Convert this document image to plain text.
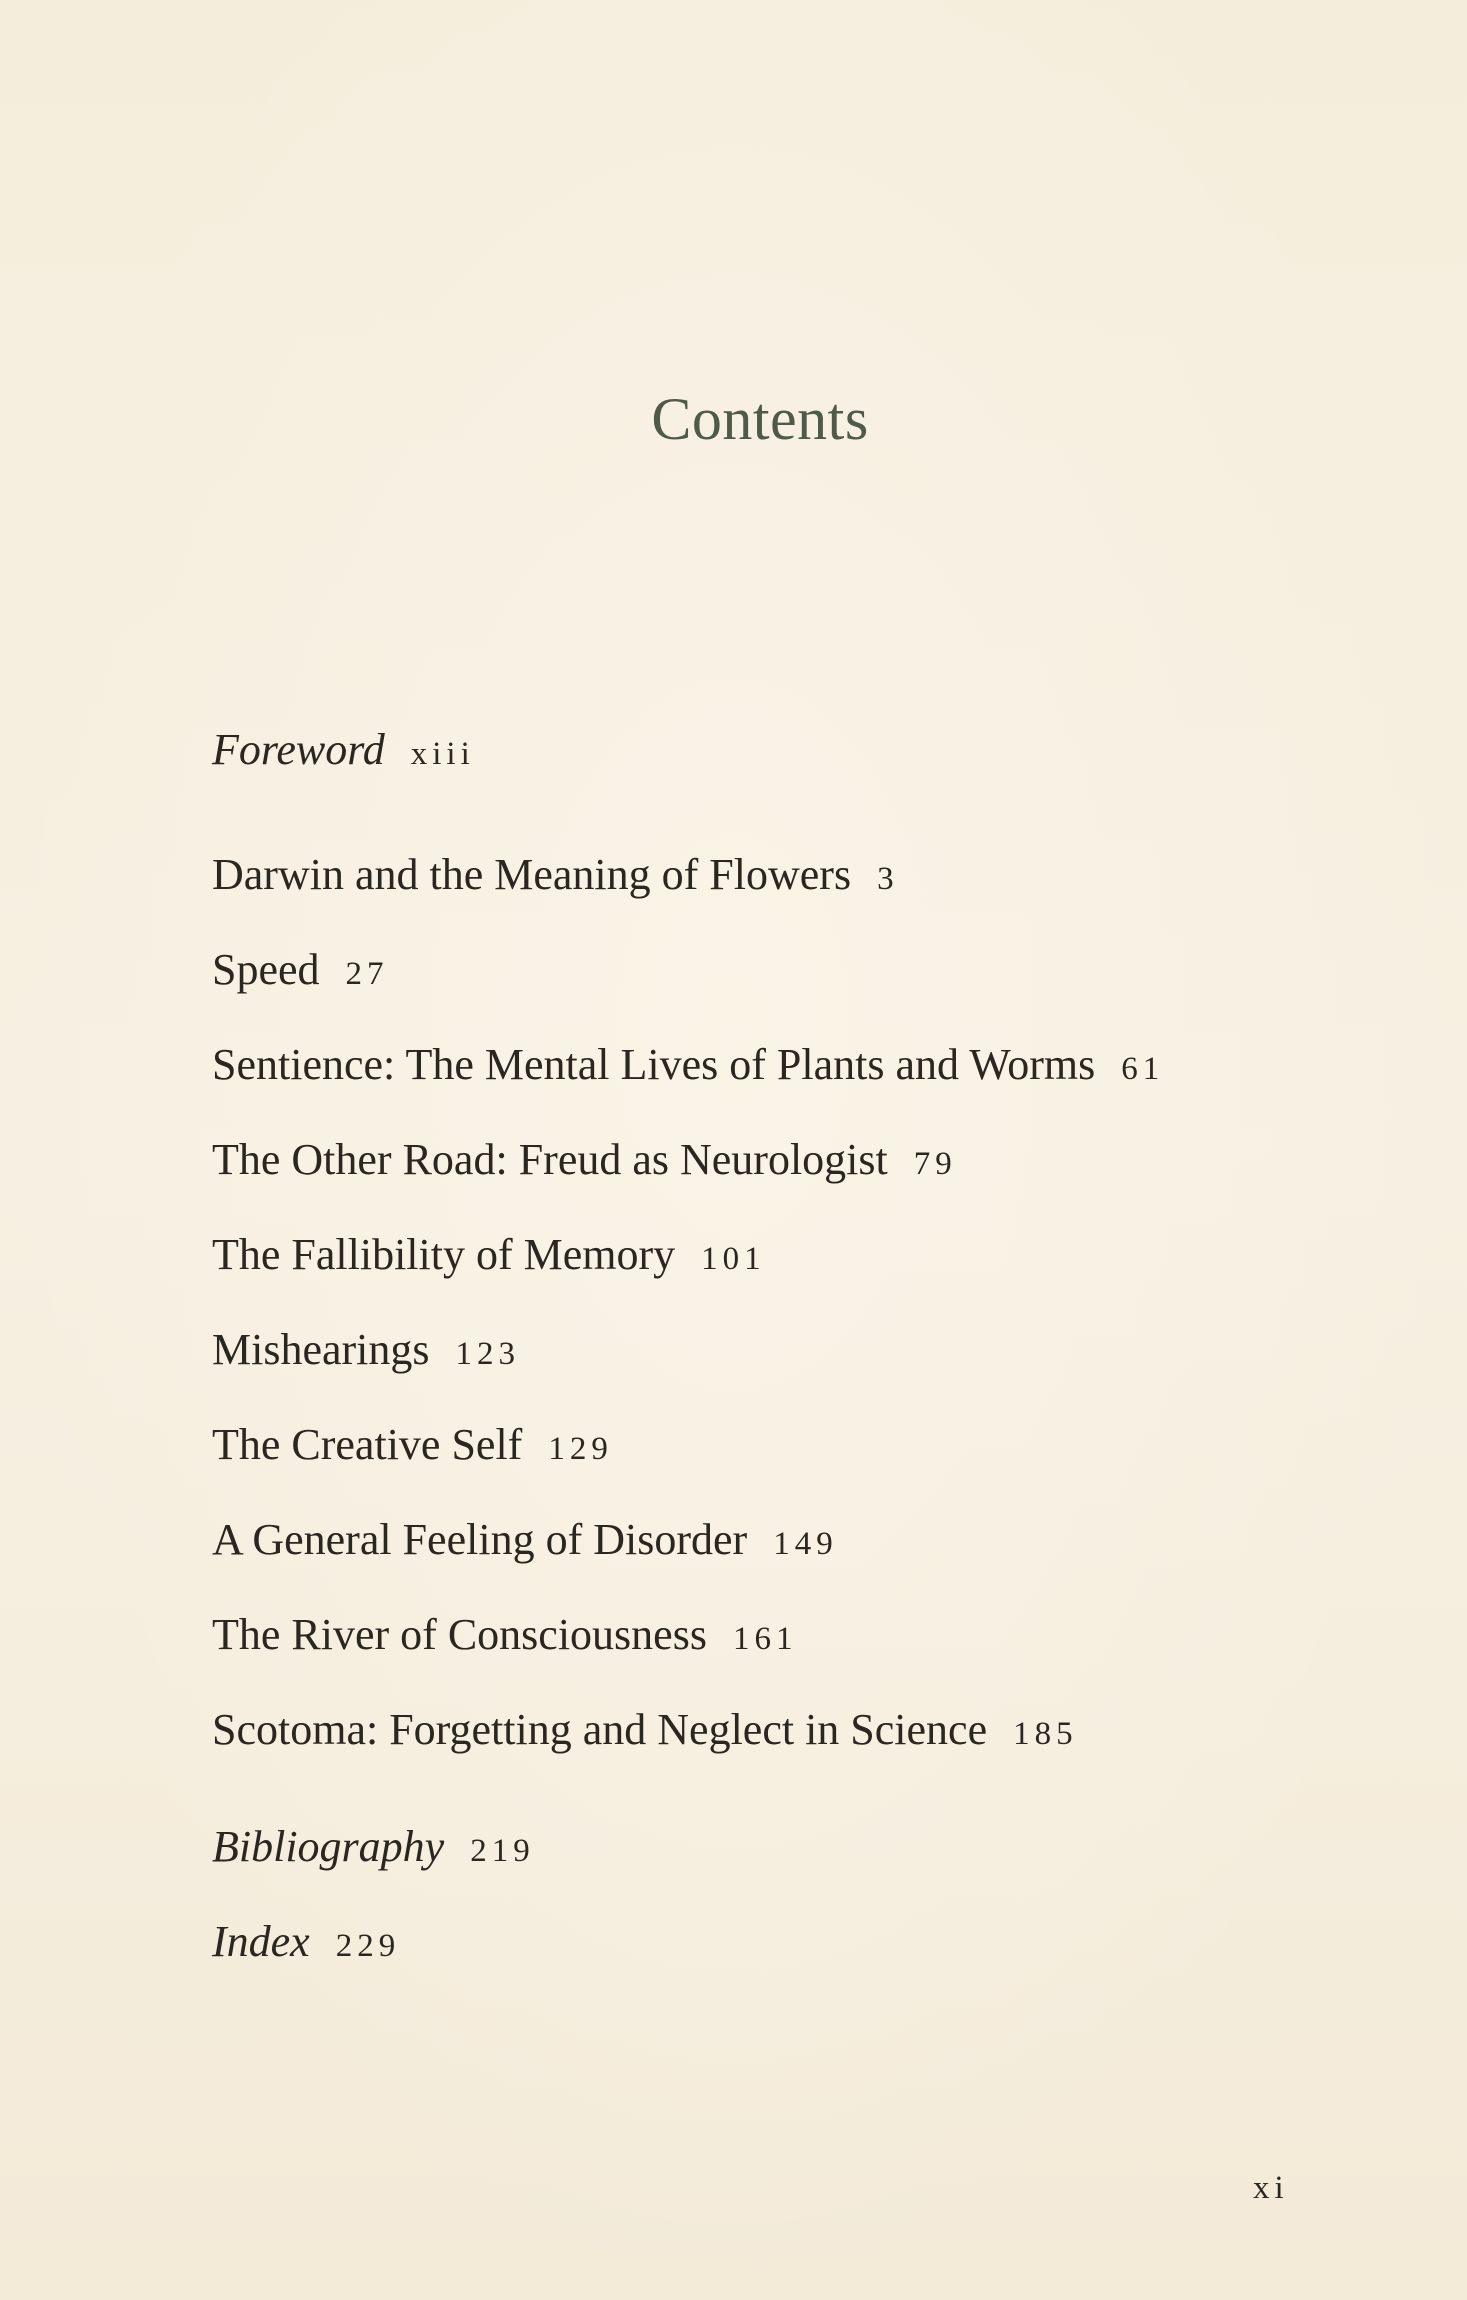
Contents
Foreword xiii
Darwin and the Meaning of Flowers 3
Speed 27
Sentience: The Mental Lives of Plants and Worms 61
The Other Road: Freud as Neurologist 79
The Fallibility of Memory 101
Mishearings 123
The Creative Self 129
A General Feeling of Disorder 149
The River of Consciousness 161
Scotoma: Forgetting and Neglect in Science 185
Bibliography 219
Index 229
xi
